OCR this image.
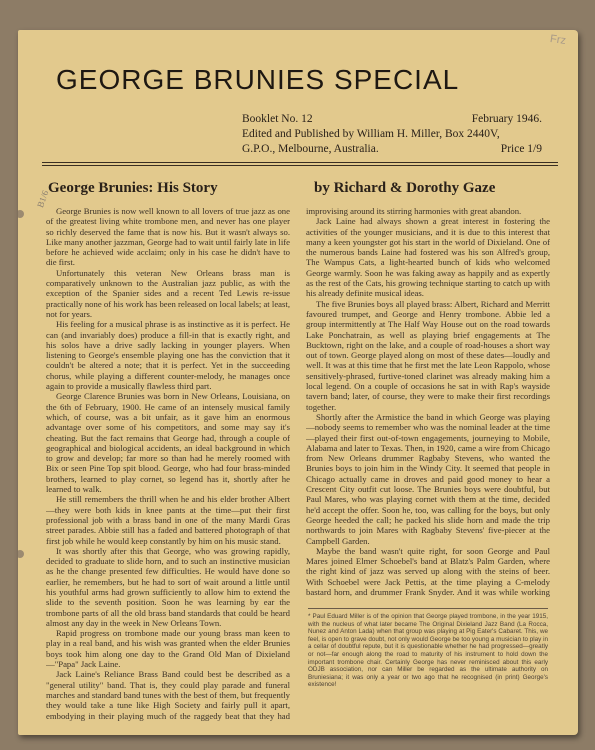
Frz
B1/6
GEORGE BRUNIES SPECIAL
Booklet No. 12	February 1946.
Edited and Published by William H. Miller, Box 2440V,
G.P.O., Melbourne, Australia.	Price 1/9
George Brunies: His Story	by Richard & Dorothy Gaze

George Brunies is now well known to all lovers of true jazz as one of the greatest living white trombone men, and never has one player so richly deserved the fame that is now his. But it wasn't always so. Like many another jazzman, George had to wait until fairly late in life before he achieved wide acclaim; only in his case he didn't have to die first.

Unfortunately this veteran New Orleans brass man is comparatively unknown to the Australian jazz public, as with the exception of the Spanier sides and a recent Ted Lewis re-issue practically none of his work has been released on local labels; at least, not for years.

His feeling for a musical phrase is as instinctive as it is perfect. He can (and invariably does) produce a fill-in that is exactly right, and his solos have a drive sadly lacking in younger players. When listening to George's ensemble playing one has the conviction that it couldn't be altered a note; that it is perfect. Yet in the succeeding chorus, while playing a different counter-melody, he manages once again to provide a musically flawless third part.

George Clarence Brunies was born in New Orleans, Louisiana, on the 6th of February, 1900. He came of an intensely musical family which, of course, was a bit unfair, as it gave him an enormous advantage over some of his competitors, and some may say it's cheating. But the fact remains that George had, through a couple of geographical and biological accidents, an ideal background in which to grow and develop; far more so than had he merely roomed with Bix or seen Pine Top spit blood. George, who had four brass-minded brothers, learned to play cornet, so legend has it, shortly after he learned to walk.

He still remembers the thrill when he and his elder brother Albert—they were both kids in knee pants at the time—put their first professional job with a brass band in one of the many Mardi Gras street parades. Abbie still has a faded and battered photograph of that first job while he would keep constantly by him on his music stand.

It was shortly after this that George, who was growing rapidly, decided to graduate to slide horn, and to such an instinctive musician as he the change presented few difficulties. He would have done so earlier, he remembers, but he had to sort of wait around a little until his youthful arms had grown sufficiently to allow him to extend the slide to the seventh position. Soon he was learning by ear the trombone parts of all the old brass band standards that could be heard almost any day in the week in New Orleans Town.

Rapid progress on trombone made our young brass man keen to play in a real band, and his wish was granted when the elder Brunies boys took him along one day to the Grand Old Man of Dixieland—"Papa" Jack Laine.

Jack Laine's Reliance Brass Band could best be described as a "general utility" band. That is, they could play parade and funeral marches and standard band tunes with the best of them, but frequently they would take a tune like High Society and fairly pull it apart, embodying in their playing much of the raggedy beat that they had

improvising around its stirring harmonies with great abandon.

Jack Laine had always shown a great interest in fostering the activities of the younger musicians, and it is due to this interest that many a keen youngster got his start in the world of Dixieland. One of the numerous bands Laine had fostered was his son Alfred's group, The Wampus Cats, a light-hearted bunch of kids who welcomed George warmly. Soon he was faking away as happily and as expertly as the rest of the Cats, his growing technique starting to catch up with his already definite musical ideas.

The five Brunies boys all played brass: Albert, Richard and Merritt favoured trumpet, and George and Henry trombone. Abbie led a group intermittently at The Half Way House out on the road towards Lake Ponchatrain, as well as playing brief engagements at The Bucktown, right on the lake, and a couple of road-houses a short way out of town. George played along on most of these dates—loudly and well. It was at this time that he first met the late Leon Rappolo, whose sensitively-phrased, furtive-toned clarinet was already making him a local legend. On a couple of occasions he sat in with Rap's wayside tavern band; later, of course, they were to make their first recordings together.

Shortly after the Armistice the band in which George was playing—nobody seems to remember who was the nominal leader at the time—played their first out-of-town engagements, journeying to Mobile, Alabama and later to Texas. Then, in 1920, came a wire from Chicago from New Orleans drummer Ragbaby Stevens, who wanted the Brunies boys to join him in the Windy City. It seemed that people in Chicago actually came in droves and paid good money to hear a Crescent City outfit cut loose. The Brunies boys were doubtful, but Paul Mares, who was playing cornet with them at the time, decided he'd accept the offer. Soon he, too, was calling for the boys, but only George heeded the call; he packed his slide horn and made the trip northwards to join Mares with Ragbaby Stevens' five-piecer at the Campbell Garden.

Maybe the band wasn't quite right, for soon George and Paul Mares joined Elmer Schoebel's band at Blatz's Palm Garden, where the right kind of jazz was served up along with the steins of beer. With Schoebel were Jack Pettis, at the time playing a C-melody bastard horn, and drummer Frank Snyder. And it was while working

* Paul Eduard Miller is of the opinion that George played trombone, in the year 1915, with the nucleus of what later became The Original Dixieland Jazz Band (La Rocca, Nunez and Anton Lada) when that group was playing at Pig Eater's Cabaret. This, we feel, is open to grave doubt, not only would George be too young a musician to play in a cellar of doubtful repute, but it is questionable whether he had progressed—greatly or not—far enough along the road to maturity of his instrument to hold down the important trombone chair. Certainly George has never reminisced about this early ODJB association, nor can Miller be regarded as the ultimate authority on Bruniesiana; it was only a year or two ago that he recognised (in print) George's existence!
